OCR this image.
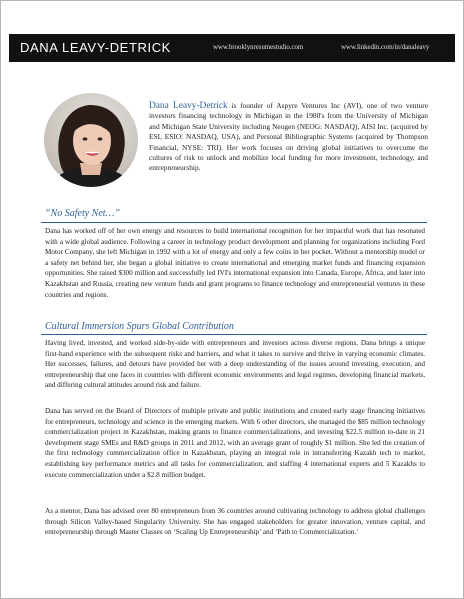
DANA LEAVY-DETRICK	www.brooklynresumestudio.com	www.linkedin.com/in/danaleavy

Dana Leavy-Detrick is founder of Aspyre Ventures Inc (AVI), one of two venture investors financing technology in Michigan in the 1980's from the University of Michigan and Michigan State University including Neogen (NEOG: NASDAQ), AISI Inc. (acquired by ESI, ESIO: NASDAQ, USA), and Personal Bibliographic Systems (acquired by Thompson Financial, NYSE: TRI). Her work focuses on driving global initiatives to overcome the cultures of risk to unlock and mobilize local funding for more investment, technology, and entrepreneurship.

“No Safety Net…”

Dana has worked off of her own energy and resources to build international recognition for her impactful work that has resonated with a wide global audience. Following a career in technology product development and planning for organizations including Ford Motor Company, she left Michigan in 1992 with a lot of energy and only a few coins in her pocket. Without a mentorship model or a safety net behind her, she began a global initiative to create international and emerging market funds and financing expansion opportunities. She raised $300 million and successfully led IVI's international expansion into Canada, Europe, Africa, and later into Kazakhstan and Russia, creating new venture funds and grant programs to finance technology and entrepreneurial ventures in these countries and regions.

Cultural Immersion Spurs Global Contribution

Having lived, invested, and worked side-by-side with entrepreneurs and investors across diverse regions, Dana brings a unique first-hand experience with the subsequent risks and barriers, and what it takes to survive and thrive in varying economic climates. Her successes, failures, and detours have provided her with a deep understanding of the issues around investing, execution, and entrepreneurship that one faces in countries with different economic environments and legal regimes, developing financial markets, and differing cultural attitudes around risk and failure.

Dana has served on the Board of Directors of multiple private and public institutions and created early stage financing initiatives for entrepreneurs, technology and science in the emerging markets. With 6 other directors, she managed the $85 million technology commercialization project in Kazakhstan, making grants to finance commercializations, and investing $22.5 million to-date in 21 development stage SMEs and R&D groups in 2011 and 2012, with an average grant of roughly $1 million. She led the creation of the first technology commercialization office in Kazakhstan, playing an integral role in intransferring Kazakh tech to market, establishing key performance metrics and all tasks for commercialization, and staffing 4 international experts and 5 Kazakhs to execute commercialization under a $2.8 million budget.

As a mentor, Dana has advised over 80 entrepreneurs from 36 countries around cultivating technology to address global challenges through Silicon Valley-based Singularity University. She has engaged stakeholders for greater innovation, venture capital, and entrepreneurship through Master Classes on ‘Scaling Up Entrepreneurship’ and ‘Path to Commercialization.’
